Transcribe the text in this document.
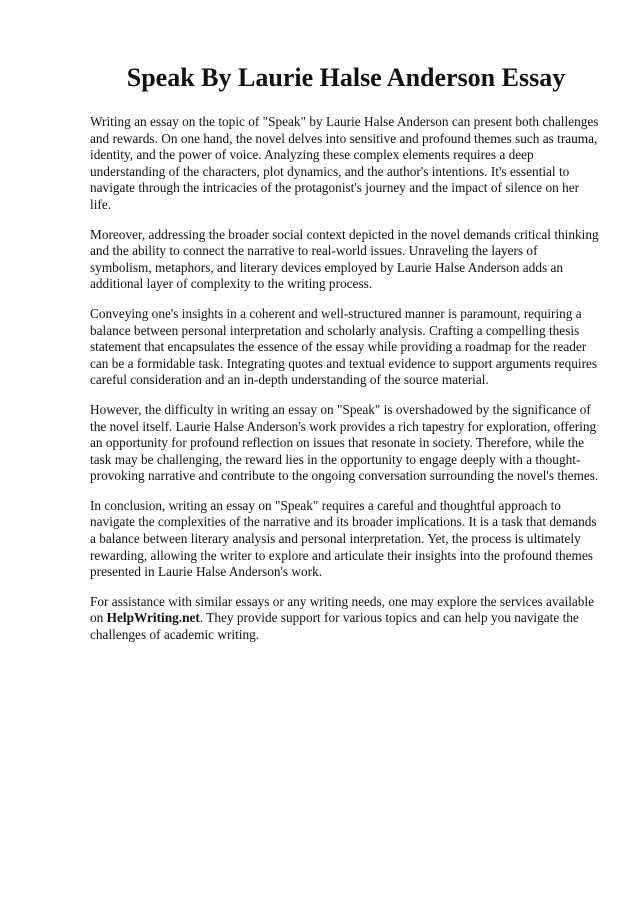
Speak By Laurie Halse Anderson Essay

Writing an essay on the topic of "Speak" by Laurie Halse Anderson can present both challenges and rewards. On one hand, the novel delves into sensitive and profound themes such as trauma, identity, and the power of voice. Analyzing these complex elements requires a deep understanding of the characters, plot dynamics, and the author's intentions. It's essential to navigate through the intricacies of the protagonist's journey and the impact of silence on her life.

Moreover, addressing the broader social context depicted in the novel demands critical thinking and the ability to connect the narrative to real-world issues. Unraveling the layers of symbolism, metaphors, and literary devices employed by Laurie Halse Anderson adds an additional layer of complexity to the writing process.

Conveying one's insights in a coherent and well-structured manner is paramount, requiring a balance between personal interpretation and scholarly analysis. Crafting a compelling thesis statement that encapsulates the essence of the essay while providing a roadmap for the reader can be a formidable task. Integrating quotes and textual evidence to support arguments requires careful consideration and an in-depth understanding of the source material.

However, the difficulty in writing an essay on "Speak" is overshadowed by the significance of the novel itself. Laurie Halse Anderson's work provides a rich tapestry for exploration, offering an opportunity for profound reflection on issues that resonate in society. Therefore, while the task may be challenging, the reward lies in the opportunity to engage deeply with a thought-provoking narrative and contribute to the ongoing conversation surrounding the novel's themes.

In conclusion, writing an essay on "Speak" requires a careful and thoughtful approach to navigate the complexities of the narrative and its broader implications. It is a task that demands a balance between literary analysis and personal interpretation. Yet, the process is ultimately rewarding, allowing the writer to explore and articulate their insights into the profound themes presented in Laurie Halse Anderson's work.

For assistance with similar essays or any writing needs, one may explore the services available on HelpWriting.net. They provide support for various topics and can help you navigate the challenges of academic writing.
